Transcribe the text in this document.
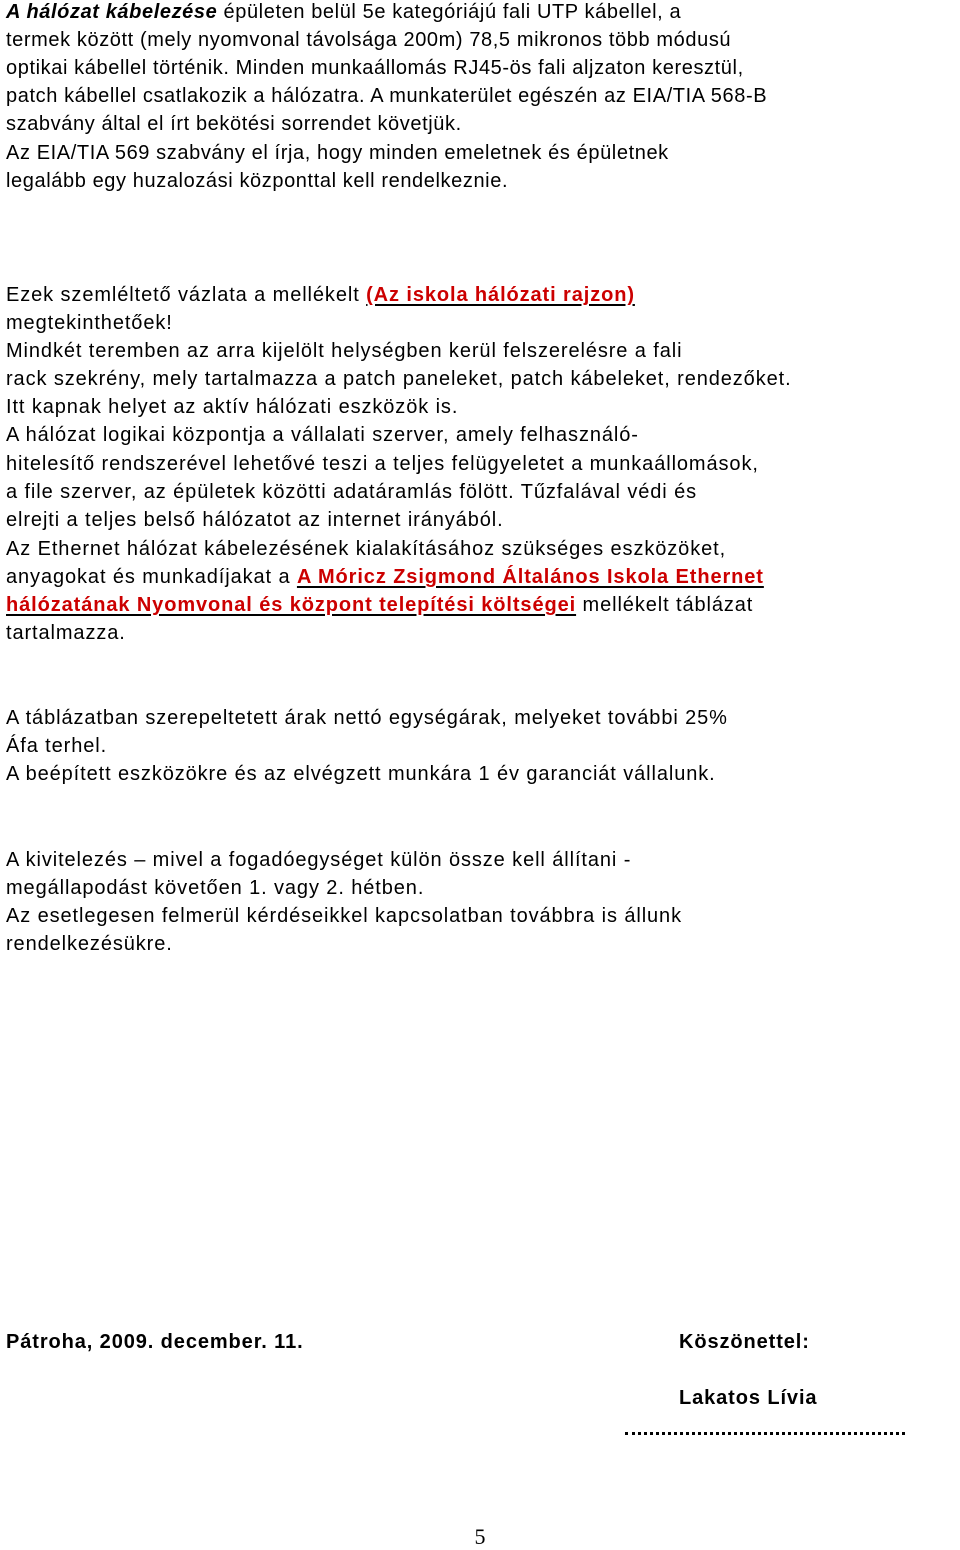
A hálózat kábelezése épületen belül 5e kategóriájú fali UTP kábellel, a
termek között (mely nyomvonal távolsága 200m) 78,5 mikronos több módusú
optikai kábellel történik. Minden munkaállomás RJ45-ös fali aljzaton keresztül,
patch kábellel csatlakozik a hálózatra. A munkaterület egészén az EIA/TIA 568-B
szabvány által el írt bekötési sorrendet követjük.
Az EIA/TIA 569 szabvány el írja, hogy minden emeletnek és épületnek
legalább egy huzalozási központtal kell rendelkeznie.
Ezek szemléltető vázlata a mellékelt (Az iskola hálózati rajzon)
megtekinthetőek!
Mindkét teremben az arra kijelölt helységben kerül felszerelésre a fali
rack szekrény, mely tartalmazza a patch paneleket, patch kábeleket, rendezőket.
Itt kapnak helyet az aktív hálózati eszközök is.
A hálózat logikai központja a vállalati szerver, amely felhasználó-
hitelesítő rendszerével lehetővé teszi a teljes felügyeletet a munkaállomások,
a file szerver, az épületek közötti adatáramlás fölött. Tűzfalával védi és
elrejti a teljes belső hálózatot az internet irányából.
Az Ethernet hálózat kábelezésének kialakításához szükséges eszközöket,
anyagokat és munkadíjakat a A Móricz Zsigmond Általános Iskola Ethernet
hálózatának Nyomvonal és központ telepítési költségei mellékelt táblázat
tartalmazza.
A táblázatban szerepeltetett árak nettó egységárak, melyeket további 25%
Áfa terhel.
A beépített eszközökre és az elvégzett munkára 1 év garanciát vállalunk.
A kivitelezés – mivel a fogadóegységet külön össze kell állítani -
megállapodást követően 1. vagy 2. hétben.
Az esetlegesen felmerül kérdéseikkel kapcsolatban továbbra is állunk
rendelkezésükre.
Pátroha, 2009. december. 11.	Köszönettel:
Lakatos Lívia
5
